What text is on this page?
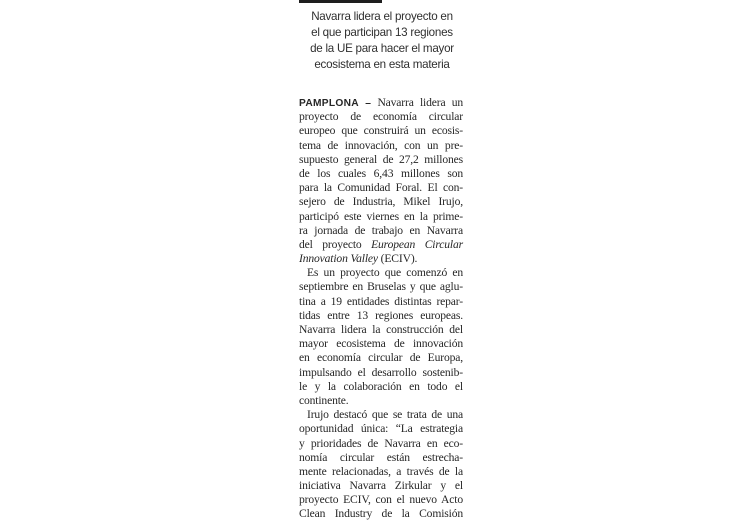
Navarra lidera el proyecto en
el que participan 13 regiones
de la UE para hacer el mayor
ecosistema en esta materia
PAMPLONA – Navarra lidera un
proyecto de economía circular
europeo que construirá un ecosis-
tema de innovación, con un pre-
supuesto general de 27,2 millones
de los cuales 6,43 millones son
para la Comunidad Foral. El con-
sejero de Industria, Mikel Irujo,
participó este viernes en la prime-
ra jornada de trabajo en Navarra
del proyecto European Circular
Innovation Valley (ECIV).
Es un proyecto que comenzó en
septiembre en Bruselas y que aglu-
tina a 19 entidades distintas repar-
tidas entre 13 regiones europeas.
Navarra lidera la construcción del
mayor ecosistema de innovación
en economía circular de Europa,
impulsando el desarrollo sostenib-
le y la colaboración en todo el
continente.
Irujo destacó que se trata de una
oportunidad única: “La estrategia
y prioridades de Navarra en eco-
nomía circular están estrecha-
mente relacionadas, a través de la
iniciativa Navarra Zirkular y el
proyecto ECIV, con el nuevo Acto
Clean Industry de la Comisión
